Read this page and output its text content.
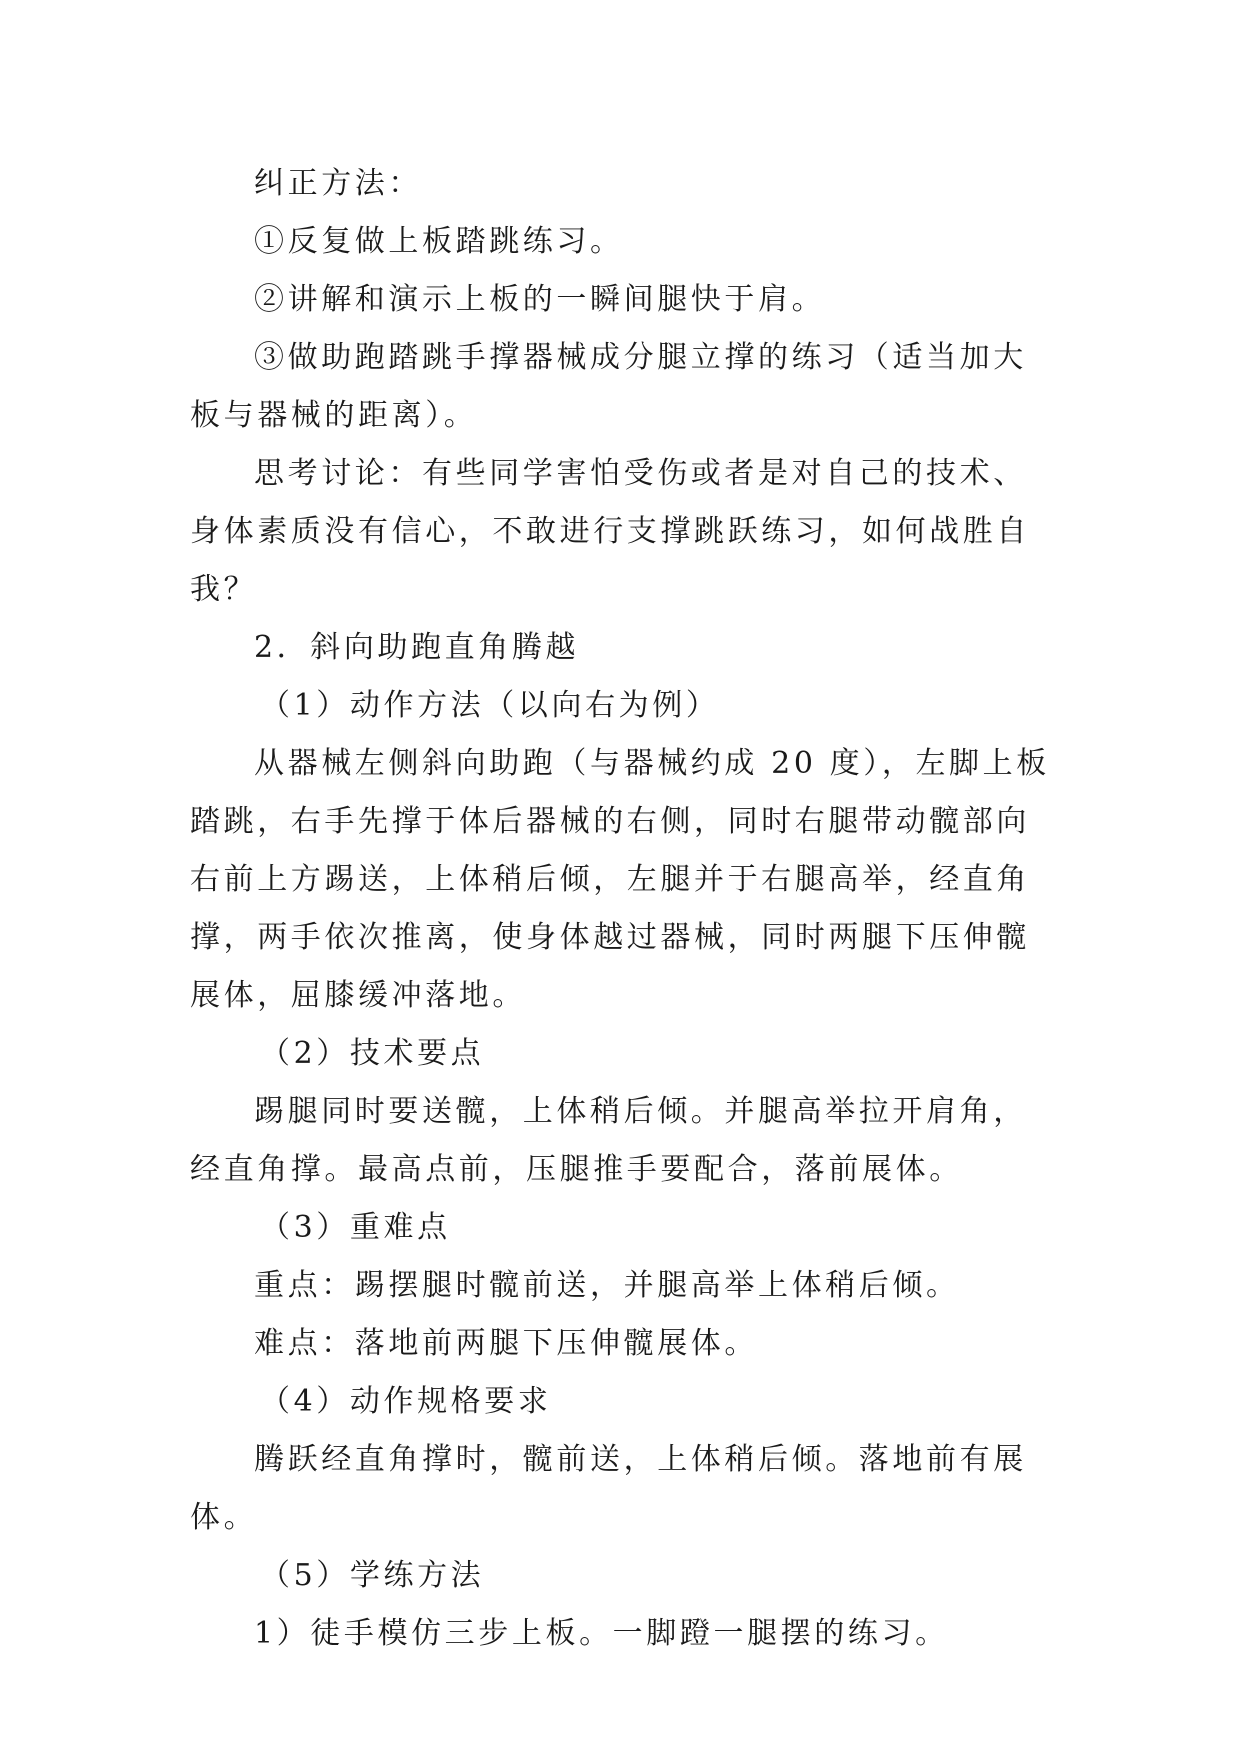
纠正方法：

①反复做上板踏跳练习。

②讲解和演示上板的一瞬间腿快于肩。

③做助跑踏跳手撑器械成分腿立撑的练习（适当加大板与器械的距离）。

思考讨论：有些同学害怕受伤或者是对自己的技术、身体素质没有信心，不敢进行支撑跳跃练习，如何战胜自我？

2．斜向助跑直角腾越

（1）动作方法（以向右为例）

从器械左侧斜向助跑（与器械约成 20 度），左脚上板踏跳，右手先撑于体后器械的右侧，同时右腿带动髋部向右前上方踢送，上体稍后倾，左腿并于右腿高举，经直角撑，两手依次推离，使身体越过器械，同时两腿下压伸髋展体，屈膝缓冲落地。

（2）技术要点

踢腿同时要送髋，上体稍后倾。并腿高举拉开肩角，经直角撑。最高点前，压腿推手要配合，落前展体。

（3）重难点

重点：踢摆腿时髋前送，并腿高举上体稍后倾。

难点：落地前两腿下压伸髋展体。

（4）动作规格要求

腾跃经直角撑时，髋前送，上体稍后倾。落地前有展体。

（5）学练方法

1）徒手模仿三步上板。一脚蹬一腿摆的练习。
